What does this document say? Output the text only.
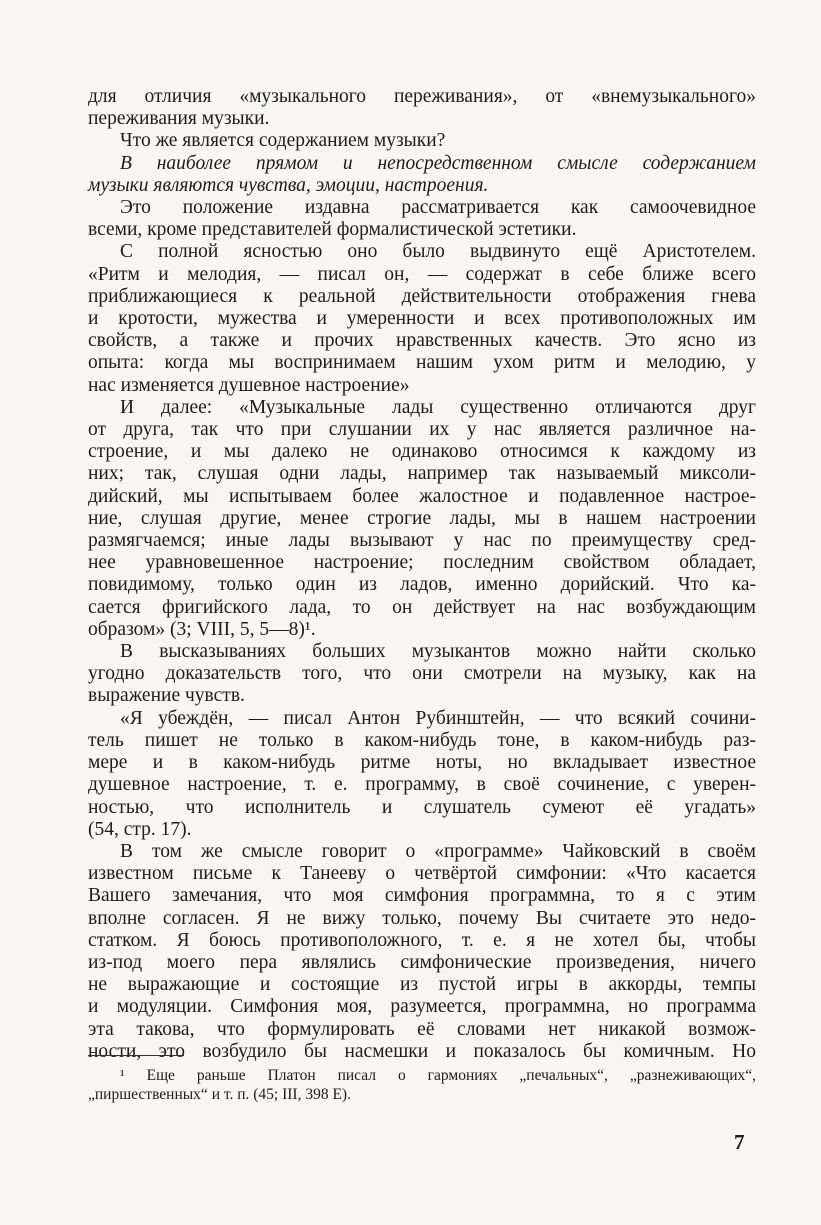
для отличия «музыкального переживания», от «внемузыкального»
переживания музыки.
Что же является содержанием музыки?
В наиболее прямом и непосредственном смысле содержанием
музыки являются чувства, эмоции, настроения.
Это положение издавна рассматривается как самоочевидное
всеми, кроме представителей формалистической эстетики.
С полной ясностью оно было выдвинуто ещё Аристотелем.
«Ритм и мелодия, — писал он, — содержат в себе ближе всего
приближающиеся к реальной действительности отображения гнева
и кротости, мужества и умеренности и всех противоположных им
свойств, а также и прочих нравственных качеств. Это ясно из
опыта: когда мы воспринимаем нашим ухом ритм и мелодию, у
нас изменяется душевное настроение»
И далее: «Музыкальные лады существенно отличаются друг
от друга, так что при слушании их у нас является различное на-
строение, и мы далеко не одинаково относимся к каждому из
них; так, слушая одни лады, например так называемый миксоли-
дийский, мы испытываем более жалостное и подавленное настрое-
ние, слушая другие, менее строгие лады, мы в нашем настроении
размягчаемся; иные лады вызывают у нас по преимуществу сред-
нее уравновешенное настроение; последним свойством обладает,
повидимому, только один из ладов, именно дорийский. Что ка-
сается фригийского лада, то он действует на нас возбуждающим
образом» (3; VIII, 5, 5—8)¹.
В высказываниях больших музыкантов можно найти сколько
угодно доказательств того, что они смотрели на музыку, как на
выражение чувств.
«Я убеждён, — писал Антон Рубинштейн, — что всякий сочини-
тель пишет не только в каком-нибудь тоне, в каком-нибудь раз-
мере и в каком-нибудь ритме ноты, но вкладывает известное
душевное настроение, т. е. программу, в своё сочинение, с уверен-
ностью, что исполнитель и слушатель сумеют её угадать»
(54, стр. 17).
В том же смысле говорит о «программе» Чайковский в своём
известном письме к Танееву о четвёртой симфонии: «Что касается
Вашего замечания, что моя симфония программна, то я с этим
вполне согласен. Я не вижу только, почему Вы считаете это недо-
статком. Я боюсь противоположного, т. е. я не хотел бы, чтобы
из-под моего пера являлись симфонические произведения, ничего
не выражающие и состоящие из пустой игры в аккорды, темпы
и модуляции. Симфония моя, разумеется, программна, но программа
эта такова, что формулировать её словами нет никакой возмож-
ности, это возбудило бы насмешки и показалось бы комичным. Но
¹ Еще раньше Платон писал о гармониях „печальных“, „разнеживающих“,
„пиршественных“ и т. п. (45; III, 398 E).
7
